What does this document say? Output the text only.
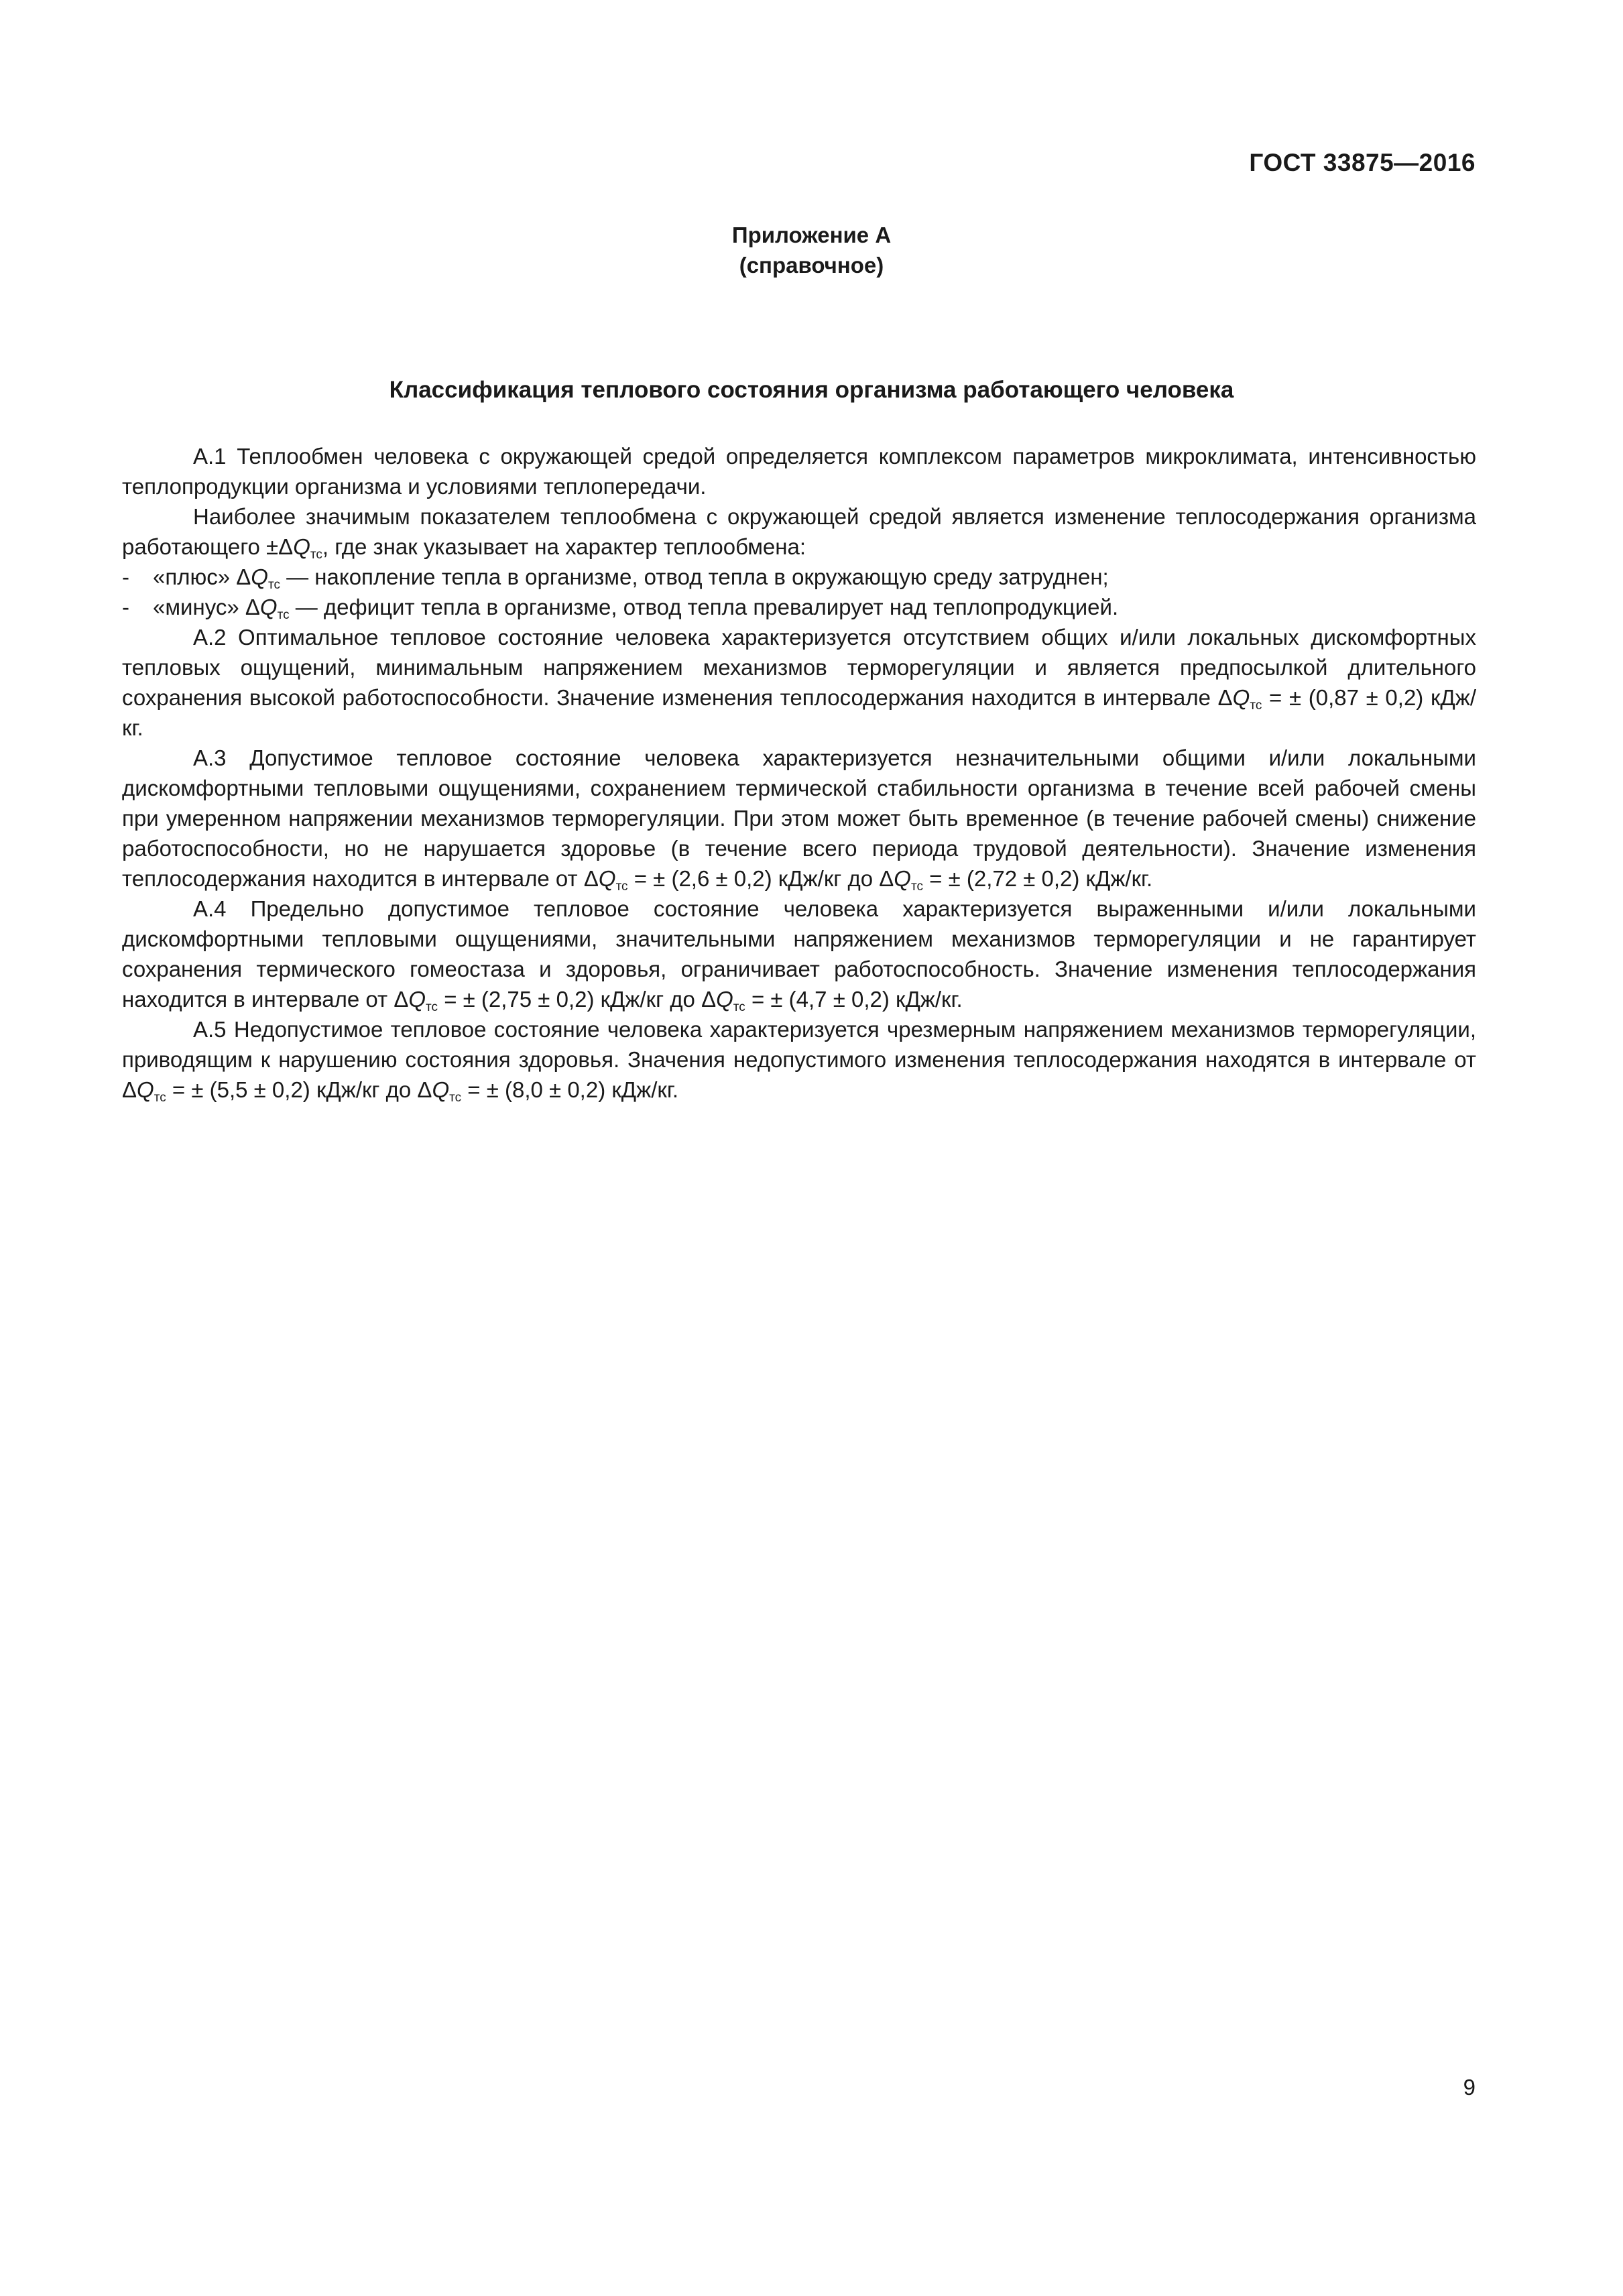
ГОСТ 33875—2016
Приложение А
(справочное)
Классификация теплового состояния организма работающего человека

А.1 Теплообмен человека с окружающей средой определяется комплексом параметров микроклимата, интенсивностью теплопродукции организма и условиями теплопередачи.

Наиболее значимым показателем теплообмена с окружающей средой является изменение теплосодержания организма работающего $\pm\Delta Q_{тс}$, где знак указывает на характер теплообмена:

- «плюс» $\Delta Q_{тс}$ — накопление тепла в организме, отвод тепла в окружающую среду затруднен;

- «минус» $\Delta Q_{тс}$ — дефицит тепла в организме, отвод тепла превалирует над теплопродукцией.

А.2 Оптимальное тепловое состояние человека характеризуется отсутствием общих и/или локальных дискомфортных тепловых ощущений, минимальным напряжением механизмов терморегуляции и является предпосылкой длительного сохранения высокой работоспособности. Значение изменения теплосодержания находится в интервале $\Delta Q_{тс}$ = ± (0,87 ± 0,2) кДж/кг.

А.3 Допустимое тепловое состояние человека характеризуется незначительными общими и/или локальными дискомфортными тепловыми ощущениями, сохранением термической стабильности организма в течение всей рабочей смены при умеренном напряжении механизмов терморегуляции. При этом может быть временное (в течение рабочей смены) снижение работоспособности, но не нарушается здоровье (в течение всего периода трудовой деятельности). Значение изменения теплосодержания находится в интервале от $\Delta Q_{тс}$ = ± (2,6 ± 0,2) кДж/кг до $\Delta Q_{тс}$ = ± (2,72 ± 0,2) кДж/кг.

А.4 Предельно допустимое тепловое состояние человека характеризуется выраженными и/или локальными дискомфортными тепловыми ощущениями, значительными напряжением механизмов терморегуляции и не гарантирует сохранения термического гомеостаза и здоровья, ограничивает работоспособность. Значение изменения теплосодержания находится в интервале от $\Delta Q_{тс}$ = ± (2,75 ± 0,2) кДж/кг до $\Delta Q_{тс}$ = ± (4,7 ± 0,2) кДж/кг.

А.5 Недопустимое тепловое состояние человека характеризуется чрезмерным напряжением механизмов терморегуляции, приводящим к нарушению состояния здоровья. Значения недопустимого изменения теплосодержания находятся в интервале от $\Delta Q_{тс}$ = ± (5,5 ± 0,2) кДж/кг до $\Delta Q_{тс}$ = ± (8,0 ± 0,2) кДж/кг.

9
